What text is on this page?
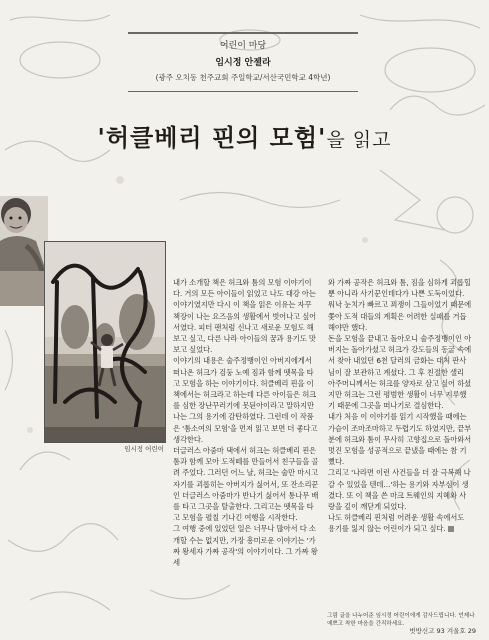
어린이 마당
임시정 안젤라
(광주 오치동 천주교회 주일학교/서산국민학교 4학년)
'허클베리 핀의 모험'을 읽고
임시정 어린이
내가 소개할 책은 허크와 톰의 모험 이야기이다. 거의 모든 아이들이 읽었고 나도 대강 아는 이야기였지만 다시 이 책을 읽은 이유는 자꾸 책장이 나는 요즈음의 생활에서 벗어나고 싶어서였다. 피터 팬처럼 신나고 새로운 모험도 해보고 싶고, 다른 나라 아이들의 꿈과 용기도 맛보고 싶었다.
이야기의 내용은 술주정뱅이인 아버지에게서 떠나온 허크가 검둥 노예 짐과 함께 뗏목을 타고 모험을 하는 이야기이다. 허클베리 핀을 이 책에서는 허크라고 하는데 다른 아이들은 허크를 심한 장난꾸러기에 못된아이라고 말하지만 나는 그의 용기에 감탄하였다. 그런데 이 작품은 '톰소여의 모험'을 먼저 읽고 보면 더 좋다고 생각한다.
더글러스 아줌마 댁에서 허크는 허클베리 핀은 톰과 함께 모아 도적떼를 만들어서 친구들을 골려 주었다. 그러던 어느 날, 허크는 술만 마시고 자기를 괴롭히는 아버지가 싫어서, 또 잔소리꾼인 더글러스 아줌마가 반나기 싫어서 통나무 배를 타고 그곳을 탈출한다. 그리고는 뗏목을 타고 모험을 펼칠 기나긴 여행을 시작한다.
그 여행 중에 있었던 일은 너무나 많아서 다 소개할 수는 없지만, 가장 흥미로운 이야기는 '가짜 왕세자 가짜 공작'의 이야기이다. 그 가짜 왕세
와 가짜 공작은 허크와 톰, 짐을 심하게 괴롭힐 뿐 아니라 사기꾼인데다가 나쁜 도둑이었다. 워낙 눈치가 빠르고 꾀쟁이 그들이었기 때문에 쫓아 도적 대들의 계획은 어려한 실패를 거듭해야만 했다.
돈을 모험을 끝내고 돌아오니 술주정뱅이인 아버지는 돌아가셨고 허크가 강도들의 동굴 속에서 찾아 내었던 6천 달러의 금화는 대처 판사님이 잘 보관하고 계셨다. 그 후 친절한 샐리 아주머니께서는 허크를 양자로 삼고 싶어 하셨지만 허크는 그런 평범한 생활이 너무 지루했기 때문에 그곳을 떠나기로 결심한다.
내가 처음 이 이야기를 읽기 시작했을 때에는 가슴이 조마조마하고 두렵기도 하였지만, 끝부분에 허크와 톰이 무사히 고향집으로 돌아와서 멋진 모험을 성공적으로 끝냈을 때에는 참 기뻤다.
그리고 '나라면 이런 사건들을 더 잘 극복해 나갈 수 있었을 텐데…'하는 용기와 자부심이 생겼다. 또 이 책을 쓴 마크 트웨인의 지혜와 사랑을 깊이 깨닫게 되었다.
나도 허클베리 핀처럼 어려운 생활 속에서도 용기를 잃지 않는 어린이가 되고 싶다.
그림 글을 나누어준 임시정 어린이에게 감사드립니다. 언제나 예쁘고 착한 마음을 간직하세요.
벗방신고 93 겨울호 29
